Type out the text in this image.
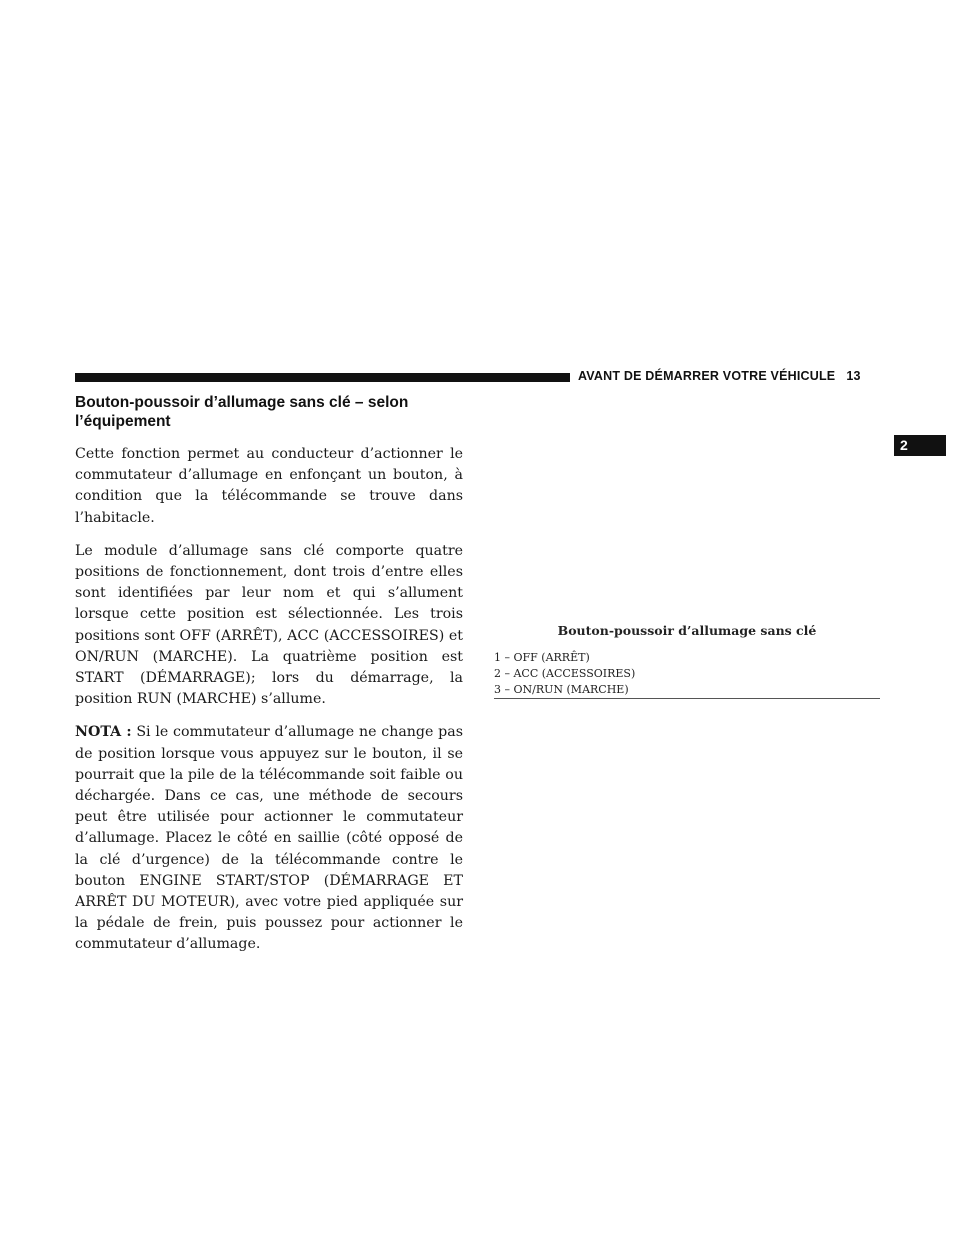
AVANT DE DÉMARRER VOTRE VÉHICULE 13
2
Bouton-poussoir d’allumage sans clé – selon l’équipement

Cette fonction permet au conducteur d’actionner le commutateur d’allumage en enfonçant un bouton, à condition que la télécommande se trouve dans l’habitacle.

Le module d’allumage sans clé comporte quatre positions de fonctionnement, dont trois d’entre elles sont identifiées par leur nom et qui s’allument lorsque cette position est sélectionnée. Les trois positions sont OFF (ARRÊT), ACC (ACCESSOIRES) et ON/RUN (MARCHE). La quatrième position est START (DÉMARRAGE); lors du démarrage, la position RUN (MARCHE) s’allume.

NOTA : Si le commutateur d’allumage ne change pas de position lorsque vous appuyez sur le bouton, il se pourrait que la pile de la télécommande soit faible ou déchargée. Dans ce cas, une méthode de secours peut être utilisée pour actionner le commutateur d’allumage. Placez le côté en saillie (côté opposé de la clé d’urgence) de la télécommande contre le bouton ENGINE START/STOP (DÉMARRAGE ET ARRÊT DU MOTEUR), avec votre pied appliquée sur la pédale de frein, puis poussez pour actionner le commutateur d’allumage.

Bouton-poussoir d’allumage sans clé
1 – OFF (ARRÊT)
2 – ACC (ACCESSOIRES)
3 – ON/RUN (MARCHE)
